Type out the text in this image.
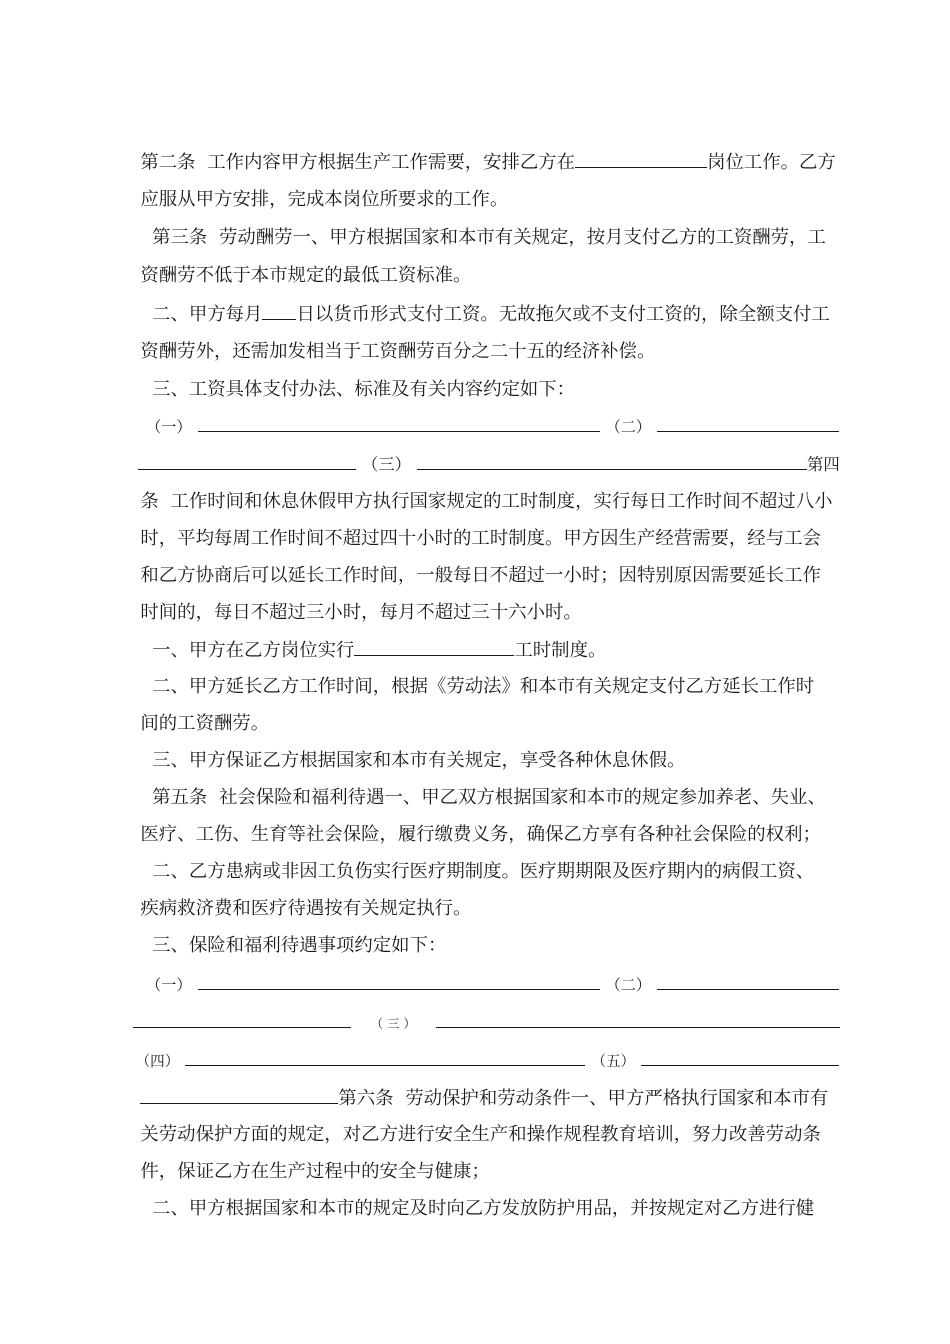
第二条  工作内容甲方根据生产工作需要，安排乙方在	岗位工作。乙方

应服从甲方安排，完成本岗位所要求的工作。

第三条  劳动酬劳一、甲方根据国家和本市有关规定，按月支付乙方的工资酬劳，工

资酬劳不低于本市规定的最低工资标准。

二、甲方每月 日以货币形式支付工资。无故拖欠或不支付工资的，除全额支付工

资酬劳外，还需加发相当于工资酬劳百分之二十五的经济补偿。

三、工资具体支付办法、标准及有关内容约定如下：

（一）	（二）

（三）	第四

条  工作时间和休息休假甲方执行国家规定的工时制度，实行每日工作时间不超过八小

时，平均每周工作时间不超过四十小时的工时制度。甲方因生产经营需要，经与工会

和乙方协商后可以延长工作时间，一般每日不超过一小时；因特别原因需要延长工作

时间的，每日不超过三小时，每月不超过三十六小时。

一、甲方在乙方岗位实行	工时制度。

二、甲方延长乙方工作时间，根据《劳动法》和本市有关规定支付乙方延长工作时

间的工资酬劳。

三、甲方保证乙方根据国家和本市有关规定，享受各种休息休假。

第五条  社会保险和福利待遇一、甲乙双方根据国家和本市的规定参加养老、失业、

医疗、工伤、生育等社会保险，履行缴费义务，确保乙方享有各种社会保险的权利；

二、乙方患病或非因工负伤实行医疗期制度。医疗期期限及医疗期内的病假工资、

疾病救济费和医疗待遇按有关规定执行。

三、保险和福利待遇事项约定如下：

（一）	（二）

（ 三 ）

（四）	（五）

第六条  劳动保护和劳动条件一、甲方严格执行国家和本市有

关劳动保护方面的规定，对乙方进行安全生产和操作规程教育培训，努力改善劳动条

件，保证乙方在生产过程中的安全与健康；

二、甲方根据国家和本市的规定及时向乙方发放防护用品，并按规定对乙方进行健
